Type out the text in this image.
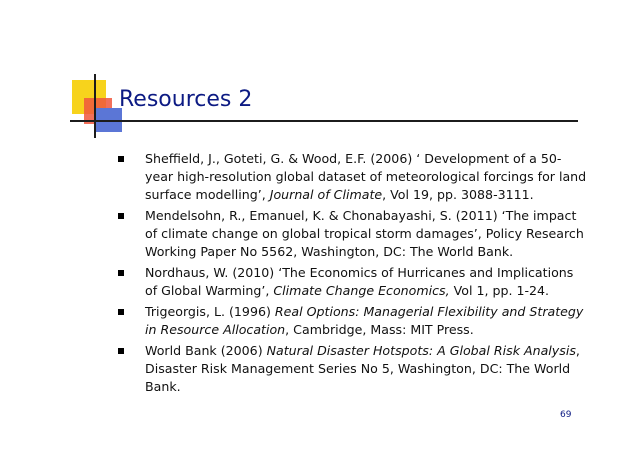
Resources 2
Sheffield, J., Goteti, G. & Wood, E.F. (2006) ‘ Development of a 50-year high-resolution global dataset of meteorological forcings for land surface modelling’, Journal of Climate, Vol 19, pp. 3088-3111.
Mendelsohn, R., Emanuel, K. & Chonabayashi, S. (2011) ‘The impact of climate change on global tropical storm damages’, Policy Research Working Paper No 5562, Washington, DC: The World Bank.
Nordhaus, W. (2010) ‘The Economics of Hurricanes and Implications of Global Warming’, Climate Change Economics, Vol 1, pp. 1-24.
Trigeorgis, L. (1996) Real Options: Managerial Flexibility and Strategy in Resource Allocation, Cambridge, Mass: MIT Press.
World Bank (2006) Natural Disaster Hotspots: A Global Risk Analysis, Disaster Risk Management Series No 5, Washington, DC: The World Bank.
69
